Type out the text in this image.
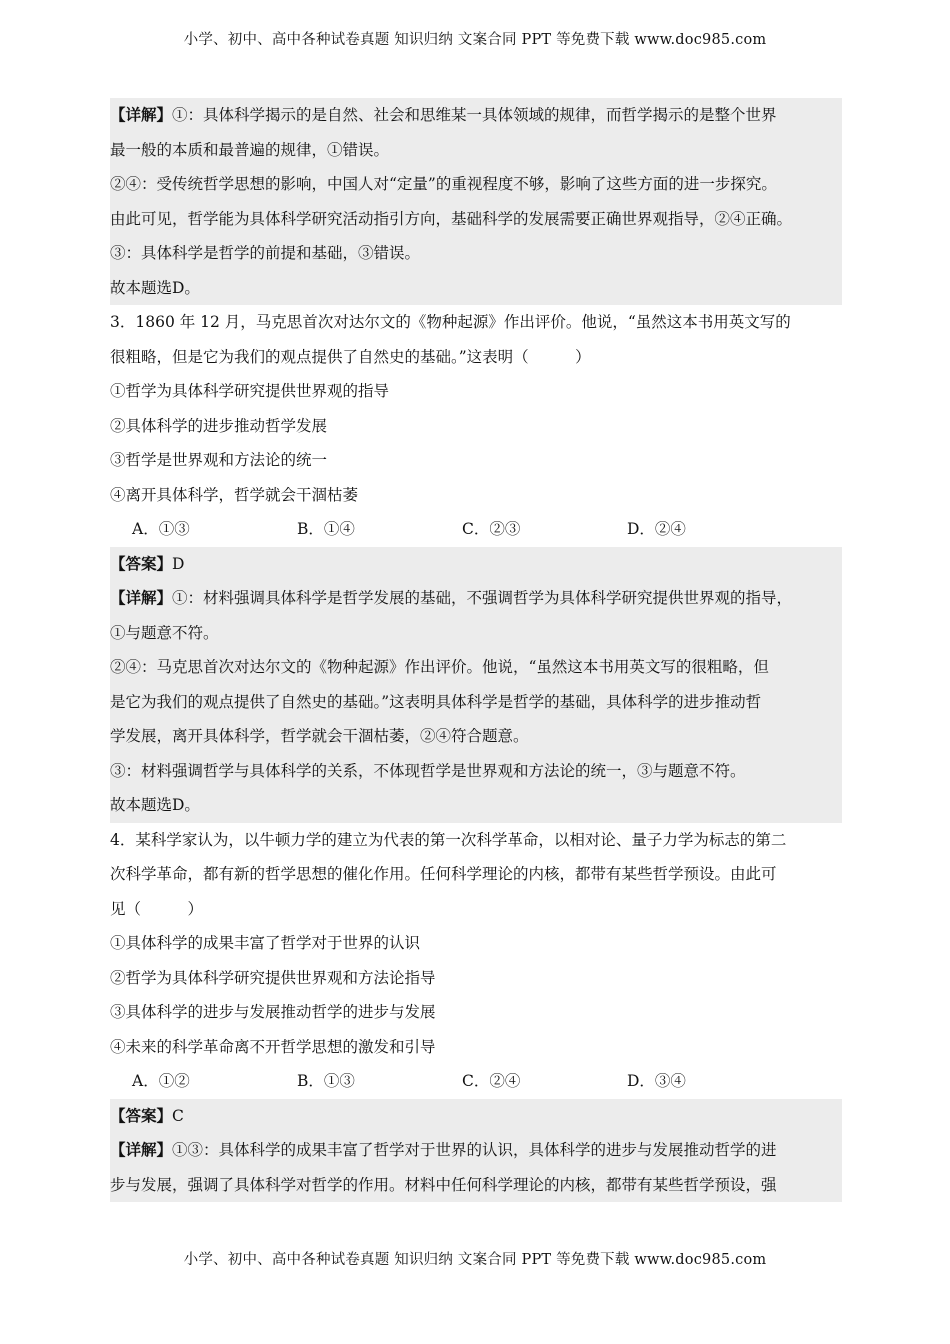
小学、初中、高中各种试卷真题 知识归纳 文案合同 PPT 等免费下载 www.doc985.com
【详解】①：具体科学揭示的是自然、社会和思维某一具体领域的规律，而哲学揭示的是整个世界
最一般的本质和最普遍的规律，①错误。
②④：受传统哲学思想的影响，中国人对“定量”的重视程度不够，影响了这些方面的进一步探究。
由此可见，哲学能为具体科学研究活动指引方向，基础科学的发展需要正确世界观指导，②④正确。
③：具体科学是哲学的前提和基础，③错误。
故本题选D。
3．1860 年 12 月，马克思首次对达尔文的《物种起源》作出评价。他说，“虽然这本书用英文写的
很粗略，但是它为我们的观点提供了自然史的基础。”这表明（　　　）
①哲学为具体科学研究提供世界观的指导
②具体科学的进步推动哲学发展
③哲学是世界观和方法论的统一
④离开具体科学，哲学就会干涸枯萎
A．①③	B．①④	C．②③	D．②④
【答案】D
【详解】①：材料强调具体科学是哲学发展的基础，不强调哲学为具体科学研究提供世界观的指导，
①与题意不符。
②④：马克思首次对达尔文的《物种起源》作出评价。他说，“虽然这本书用英文写的很粗略，但
是它为我们的观点提供了自然史的基础。”这表明具体科学是哲学的基础，具体科学的进步推动哲
学发展，离开具体科学，哲学就会干涸枯萎，②④符合题意。
③：材料强调哲学与具体科学的关系，不体现哲学是世界观和方法论的统一，③与题意不符。
故本题选D。
4．某科学家认为，以牛顿力学的建立为代表的第一次科学革命，以相对论、量子力学为标志的第二
次科学革命，都有新的哲学思想的催化作用。任何科学理论的内核，都带有某些哲学预设。由此可
见（　　　）
①具体科学的成果丰富了哲学对于世界的认识
②哲学为具体科学研究提供世界观和方法论指导
③具体科学的进步与发展推动哲学的进步与发展
④未来的科学革命离不开哲学思想的激发和引导
A．①②	B．①③	C．②④	D．③④
【答案】C
【详解】①③：具体科学的成果丰富了哲学对于世界的认识，具体科学的进步与发展推动哲学的进
步与发展，强调了具体科学对哲学的作用。材料中任何科学理论的内核，都带有某些哲学预设，强
小学、初中、高中各种试卷真题 知识归纳 文案合同 PPT 等免费下载 www.doc985.com
